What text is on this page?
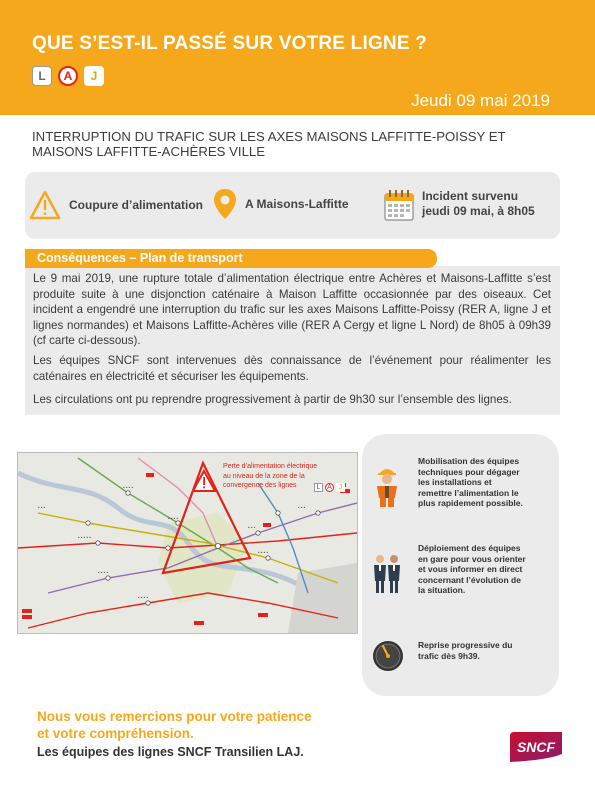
QUE S’EST-IL PASSÉ SUR VOTRE LIGNE ?
L	A	J
Jeudi 09 mai 2019

INTERRUPTION DU TRAFIC SUR LES AXES MAISONS LAFFITTE-POISSY ET MAISONS LAFFITTE-ACHÈRES VILLE

Coupure d’alimentation	A Maisons-Laffitte
Incident survenu
jeudi 09 mai, à 8h05

Le 9 mai 2019, une rupture totale d’alimentation électrique entre Achères et Maisons-Laffitte s’est produite suite à une disjonction caténaire à Maison Laffitte occasionnée par des oiseaux. Cet incident a engendré une interruption du trafic sur les axes Maisons Laffitte-Poissy (RER A, ligne J et lignes normandes) et Maisons Laffitte-Achères ville (RER A Cergy et ligne L Nord) de 8h05 à 09h39 (cf carte ci-dessous).

Les équipes SNCF sont intervenues dès connaissance de l’événement pour réalimenter les caténaires en électricité et sécuriser les équipements.

Les circulations ont pu reprendre progressivement à partir de 9h30 sur l’ensemble des lignes.

Conséquences – Plan de transport
• • • • •
• • • •
• • •
• • • •
• • • •
• • • •
• • •	• • •
• • • •
Perte d’alimentation électrique
au niveau de la zone de la
convergence des lignes	L A J
Mobilisation des équipes
techniques pour dégager
les installations et
remettre l’alimentation le
plus rapidement possible.
Déploiement des équipes
en gare pour vous orienter
et vous informer en direct
concernant l’évolution de
la situation.
Reprise progressive du
trafic dès 9h39.
Nous vous remercions pour votre patience
et votre compréhension.
Les équipes des lignes SNCF Transilien LAJ.	SNCF
